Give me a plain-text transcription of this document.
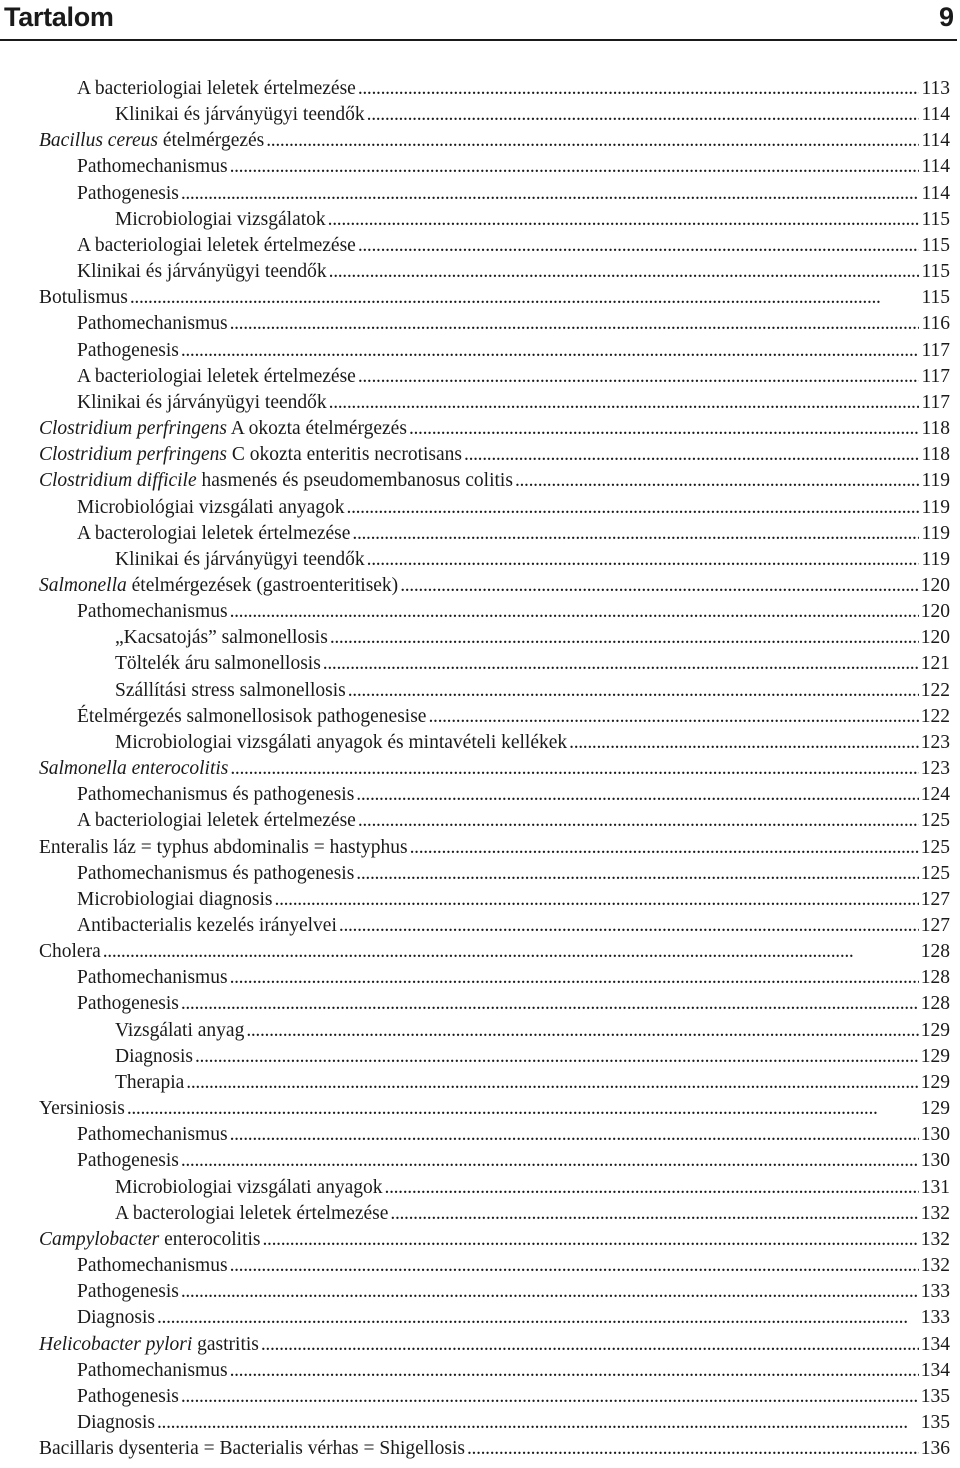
Tartalom	9
A bacteriologiai leletek értelmezése . . .	113
Klinikai és járványügyi teendők . . .	114
Bacillus cereus ételmérgezés . . .	114
Pathomechanismus . . .	114
Pathogenesis . . .	114
Microbiologiai vizsgálatok . . .	115
A bacteriologiai leletek értelmezése . . .	115
Klinikai és járványügyi teendők . . .	115
Botulismus . . .	115
Pathomechanismus . . .	116
Pathogenesis . . .	117
A bacteriologiai leletek értelmezése . . .	117
Klinikai és járványügyi teendők . . .	117
Clostridium perfringens A okozta ételmérgezés . . .	118
Clostridium perfringens C okozta enteritis necrotisans . . .	118
Clostridium difficile hasmenés és pseudomembanosus colitis . . .	119
Microbiológiai vizsgálati anyagok . . .	119
A bacterologiai leletek értelmezése . . .	119
Klinikai és járványügyi teendők . . .	119
Salmonella ételmérgezések (gastroenteritisek) . . .	120
Pathomechanismus . . .	120
„Kacsatojás” salmonellosis . . .	120
Töltelék áru salmonellosis . . .	121
Szállítási stress salmonellosis . . .	122
Ételmérgezés salmonellosisok pathogenesise . . .	122
Microbiologiai vizsgálati anyagok és mintavételi kellékek . . .	123
Salmonella enterocolitis . . .	123
Pathomechanismus és pathogenesis . . .	124
A bacteriologiai leletek értelmezése . . .	125
Enteralis láz = typhus abdominalis = hastyphus . . .	125
Pathomechanismus és pathogenesis . . .	125
Microbiologiai diagnosis . . .	127
Antibacterialis kezelés irányelvei . . .	127
Cholera . . .	128
Pathomechanismus . . .	128
Pathogenesis . . .	128
Vizsgálati anyag . . .	129
Diagnosis . . .	129
Therapia . . .	129
Yersiniosis . . .	129
Pathomechanismus . . .	130
Pathogenesis . . .	130
Microbiologiai vizsgálati anyagok . . .	131
A bacterologiai leletek értelmezése . . .	132
Campylobacter enterocolitis . . .	132
Pathomechanismus . . .	132
Pathogenesis . . .	133
Diagnosis . . .	133
Helicobacter pylori gastritis . . .	134
Pathomechanismus . . .	134
Pathogenesis . . .	135
Diagnosis . . .	135
Bacillaris dysenteria = Bacterialis vérhas = Shigellosis . . .	136
